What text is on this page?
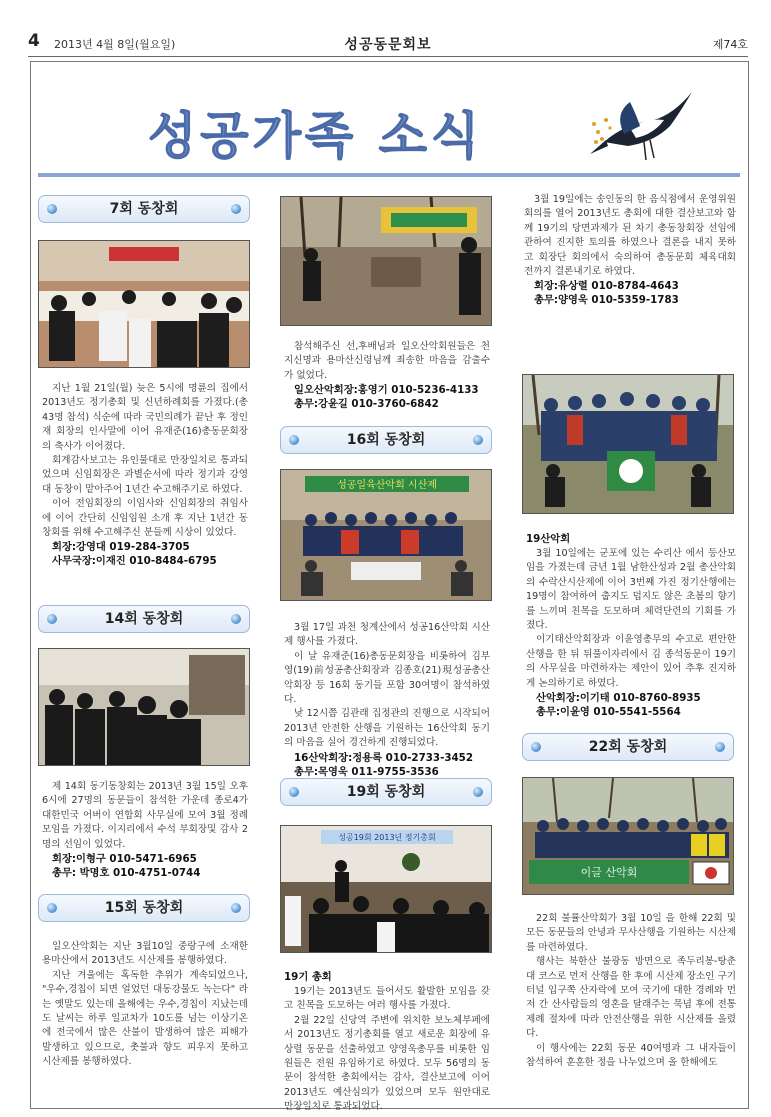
4 2013년 4월 8일(월요일)	성공동문회보	제74호
성공가족 소식
7회 동창회

지난 1월 21일(월) 늦은 5시에 명륜의 집에서 2013년도 정기총회 및 신년하례회를 가졌다.(총 43명 참석) 식순에 따라 국민의례가 끝난 후 정인재 회장의 인사말에 이어 유재준(16)총동문회장의 축사가 이어졌다.

회계감사보고는 유인물대로 만장일치로 통과되었으며 신임회장은 과별순서에 따라 정기과 강영대 동창이 맡아주어 1년간 수고해주기로 하였다.

이어 전임회장의 이임사와 신임회장의 취임사에 이어 간단히 신임임원 소개 후 지난 1년간 동창회를 위해 수고해주신 분들께 시상이 있었다.

회장:강영대 019-284-3705
사무국장:이재진 010-8484-6795
14회 동창회

제 14회 동기동창회는 2013년 3월 15일 오후6시에 27명의 동문들이 참석한 가운데 종로4가 대한민국 어버이 연합회 사무실에 모여 3월 정례모임을 가졌다. 이지리에서 수석 부회장및 감사 2명의 선임이 있었다.

회장:이형구 010-5471-6965
총무: 박명호 010-4751-0744
15회 동창회

일오산악회는 지난 3월10일 중랑구에 소재한 용마산에서 2013년도 시산제를 봉행하였다.

지난 겨울에는 혹독한 추위가 계속되었으나, "우수,경칩이 되면 얼었던 대동강물도 녹는다" 라는 옛말도 있는데 올해에는 우수,경칩이 지났는데도 날씨는 하루 일교차가 10도를 넘는 이상기온에 전국에서 많은 산불이 발생하여 많은 피해가 발생하고 있으므로, 촛불과 향도 피우지 못하고 시산제를 봉행하였다.

참석해주신 선,후배님과 일오산악회원들은 천지신명과 용마산신령님께 죄송한 마음을 감출수가 없었다.

일오산악회장:홍영기 010-5236-4133
총무:강윤길 010-3760-6842
16회 동창회
성공일육산악회 시산제

3월 17일 과천 청계산에서 성공16산악회 시산제 행사를 가졌다.

이 날 유재준(16)총동문회장을 비롯하여 김부영(19)前성공총산회장과 김종호(21)現성공총산악회장 등 16회 동기들 포함 30여명이 참석하였다.

낮 12시쯤 김관래 집정관의 진행으로 시작되어 2013년 안전한 산행을 기원하는 16산악회 동기의 마음을 실어 경건하게 진행되었다.

16산악회장:정용록 010-2733-3452
총무:목영욱 011-9755-3536
19회 동창회
성공19회 2013년 정기총회
19기 총회

19기는 2013년도 들어서도 활발한 모임을 갖고 친목을 도모하는 여러 행사를 가졌다.

2월 22일 신당역 주변에 위치한 보노체부페에서 2013년도 정기총회를 열고 새로운 회장에 유상렬 동문을 선출하였고 양영욱총무를 비롯한 임원들은 전원 유임하기로 하였다. 모두 56명의 동문이 참석한 총회에서는 감사, 결산보고에 이어 2013년도 예산심의가 있었으며 모두 원안대로 만장일치로 통과되었다.

3월 19일에는 송인동의 한 음식점에서 운영위원회의를 열어 2013년도 총회에 대한 결산보고와 함께 19기의 당면과제가 된 차기 총동창회장 선임에 관하여 진지한 토의를 하였으나 결론을 내지 못하고 회장단 회의에서 숙의하여 총동문회 체육대회 전까지 결론내기로 하였다.

회장:유상렬 010-8784-4643
총무:양영욱 010-5359-1783
19산악회

3월 10일에는 군포에 있는 수리산 에서 등산모임을 가졌는데 금년 1월 남한산성과 2월 총산악회의 수락산시산제에 이어 3번째 가진 정기산행에는 19명이 참여하여 춥지도 덥지도 않은 초봄의 향기를 느끼며 친목을 도모하며 체력단련의 기회를 가졌다.

이기태산악회장과 이윤영총무의 수고로 편안한 산행을 한 뒤 뒤풀이자리에서 김 종석동문이 19기의 사무실을 마련하자는 제안이 있어 추후 진지하게 논의하기로 하였다.

산악회장:이기태 010-8760-8935
총무:이윤영 010-5541-5564
22회 동창회
이글 산악회

22회 불률산악회가 3월 10일 을 한해 22회 및 모든 동문들의 안녕과 무사산행을 기원하는 시산제를 마련하였다.

행사는 북한산 불광동 방면으로 족두리봉-탕춘대 코스로 먼저 산행을 한 후에 시산제 장소인 구기터널 입구쪽 산자락에 모여 국기에 대한 경례와 먼저 간 산사람들의 영혼을 달래주는 묵념 후에 전통제례 절차에 따라 안전산행을 위한 시산제를 올렸다.

이 행사에는 22회 동문 40여명과 그 내자들이 참석하여 훈훈한 정을 나누었으며 올 한해에도
